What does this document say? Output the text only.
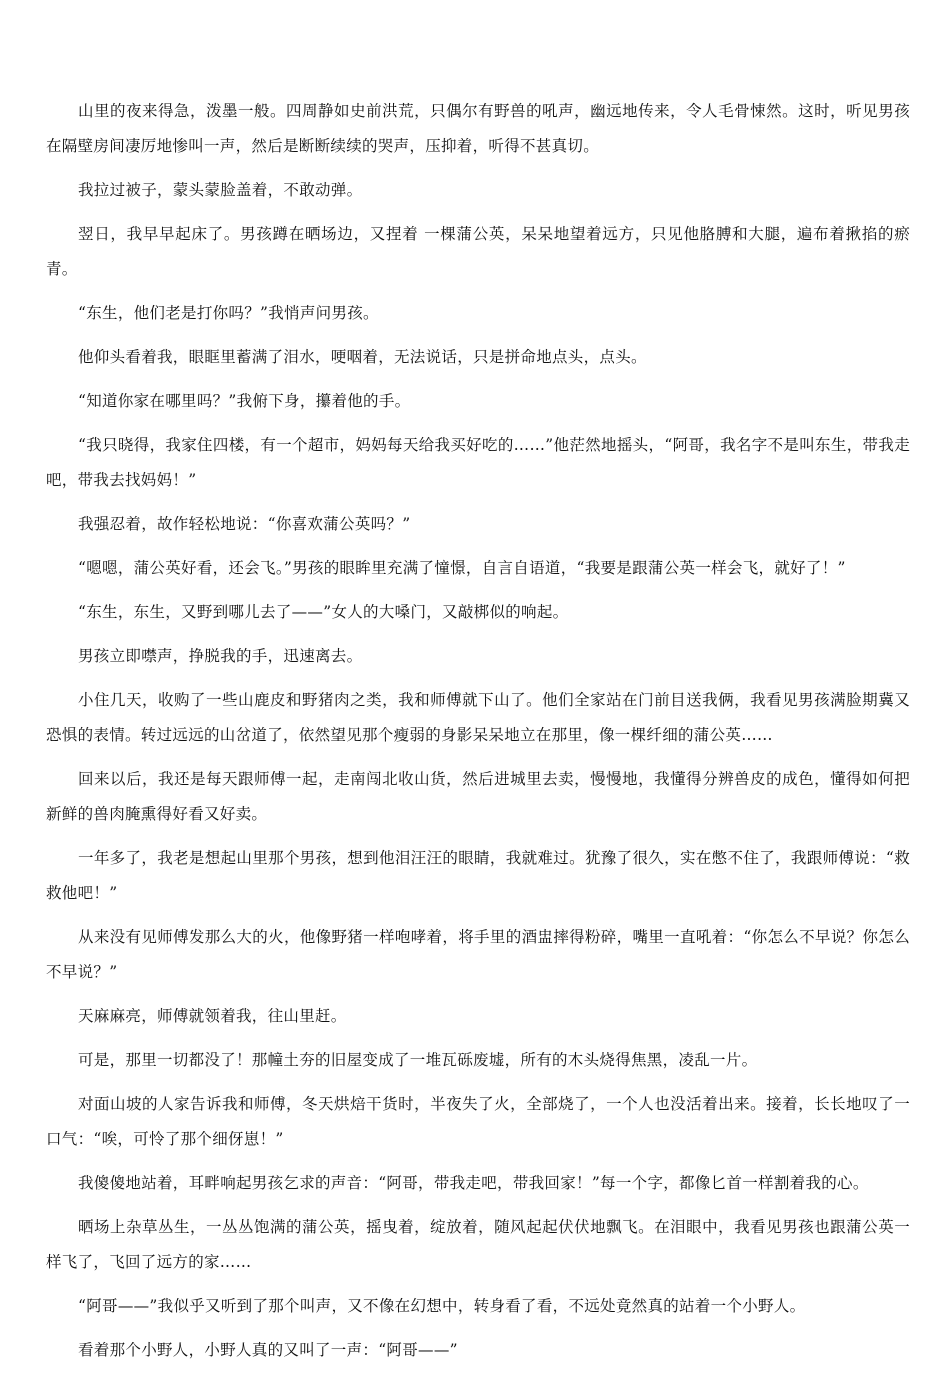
山里的夜来得急，泼墨一般。四周静如史前洪荒，只偶尔有野兽的吼声，幽远地传来，令人毛骨悚然。这时，听见男孩在隔壁房间凄厉地惨叫一声，然后是断断续续的哭声，压抑着，听得不甚真切。

我拉过被子，蒙头蒙脸盖着，不敢动弹。

翌日，我早早起床了。男孩蹲在晒场边，又捏着 一棵蒲公英，呆呆地望着远方，只见他胳膊和大腿，遍布着揪掐的瘀青。

“东生，他们老是打你吗？”我悄声问男孩。

他仰头看着我，眼眶里蓄满了泪水，哽咽着，无法说话，只是拼命地点头，点头。

“知道你家在哪里吗？”我俯下身，攥着他的手。

“我只晓得，我家住四楼，有一个超市，妈妈每天给我买好吃的……”他茫然地摇头，“阿哥，我名字不是叫东生，带我走吧，带我去找妈妈！”

我强忍着，故作轻松地说：“你喜欢蒲公英吗？”

“嗯嗯，蒲公英好看，还会飞。”男孩的眼眸里充满了憧憬，自言自语道，“我要是跟蒲公英一样会飞，就好了！”

“东生，东生，又野到哪儿去了——”女人的大嗓门，又敲梆似的响起。

男孩立即噤声，挣脱我的手，迅速离去。

小住几天，收购了一些山鹿皮和野猪肉之类，我和师傅就下山了。他们全家站在门前目送我俩，我看见男孩满脸期冀又恐惧的表情。转过远远的山岔道了，依然望见那个瘦弱的身影呆呆地立在那里，像一棵纤细的蒲公英……

回来以后，我还是每天跟师傅一起，走南闯北收山货，然后进城里去卖，慢慢地，我懂得分辨兽皮的成色，懂得如何把新鲜的兽肉腌熏得好看又好卖。

一年多了，我老是想起山里那个男孩，想到他泪汪汪的眼睛，我就难过。犹豫了很久，实在憋不住了，我跟师傅说：“救救他吧！”

从来没有见师傅发那么大的火，他像野猪一样咆哮着，将手里的酒盅摔得粉碎，嘴里一直吼着：“你怎么不早说？你怎么不早说？”

天麻麻亮，师傅就领着我，往山里赶。

可是，那里一切都没了！那幢土夯的旧屋变成了一堆瓦砾废墟，所有的木头烧得焦黑，凌乱一片。

对面山坡的人家告诉我和师傅，冬天烘焙干货时，半夜失了火，全部烧了，一个人也没活着出来。接着，长长地叹了一口气：“唉，可怜了那个细伢崽！”

我傻傻地站着，耳畔响起男孩乞求的声音：“阿哥，带我走吧，带我回家！”每一个字，都像匕首一样割着我的心。

晒场上杂草丛生，一丛丛饱满的蒲公英，摇曳着，绽放着，随风起起伏伏地飘飞。在泪眼中，我看见男孩也跟蒲公英一样飞了，飞回了远方的家……

“阿哥——”我似乎又听到了那个叫声，又不像在幻想中，转身看了看，不远处竟然真的站着一个小野人。

看着那个小野人，小野人真的又叫了一声：“阿哥——”
